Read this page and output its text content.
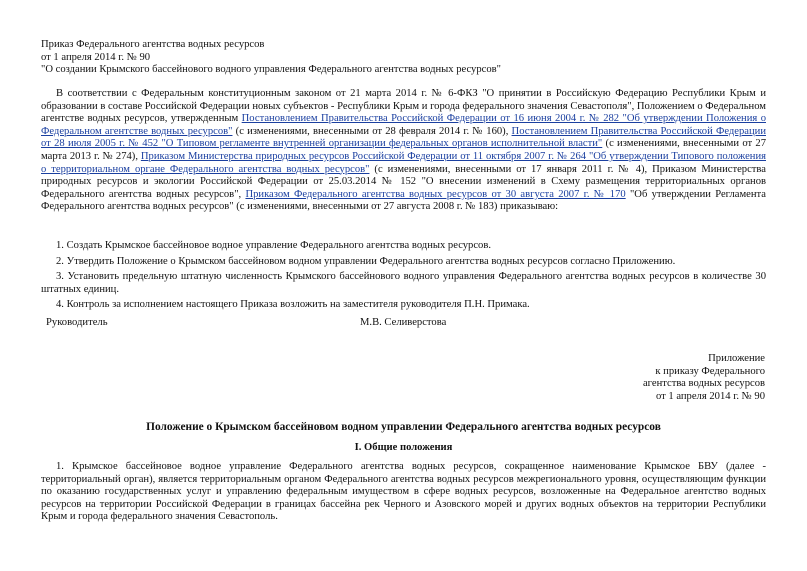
Приказ Федерального агентства водных ресурсов
от 1 апреля 2014 г. № 90
"О создании Крымского бассейнового водного управления Федерального агентства водных ресурсов"
В соответствии с Федеральным конституционным законом от 21 марта 2014 г. № 6-ФКЗ "О принятии в Российскую Федерацию Республики Крым и образовании в составе Российской Федерации новых субъектов - Республики Крым и города федерального значения Севастополя", Положением о Федеральном агентстве водных ресурсов, утвержденным Постановлением Правительства Российской Федерации от 16 июня 2004 г. № 282 "Об утверждении Положения о Федеральном агентстве водных ресурсов" (с изменениями, внесенными от 28 февраля 2014 г. № 160), Постановлением Правительства Российской Федерации от 28 июля 2005 г. № 452 "О Типовом регламенте внутренней организации федеральных органов исполнительной власти" (с изменениями, внесенными от 27 марта 2013 г. № 274), Приказом Министерства природных ресурсов Российской Федерации от 11 октября 2007 г. № 264 "Об утверждении Типового положения о территориальном органе Федерального агентства водных ресурсов" (с изменениями, внесенными от 17 января 2011 г. № 4), Приказом Министерства природных ресурсов и экологии Российской Федерации от 25.03.2014 № 152 "О внесении изменений в Схему размещения территориальных органов Федерального агентства водных ресурсов", Приказом Федерального агентства водных ресурсов от 30 августа 2007 г. № 170 "Об утверждении Регламента Федерального агентства водных ресурсов" (с изменениями, внесенными от 27 августа 2008 г. № 183) приказываю:

1. Создать Крымское бассейновое водное управление Федерального агентства водных ресурсов.

2. Утвердить Положение о Крымском бассейновом водном управлении Федерального агентства водных ресурсов согласно Приложению.

3. Установить предельную штатную численность Крымского бассейнового водного управления Федерального агентства водных ресурсов в количестве 30 штатных единиц.

4. Контроль за исполнением настоящего Приказа возложить на заместителя руководителя П.Н. Примака.

Руководитель	М.В. Селиверстова
Приложение
к приказу Федерального
агентства водных ресурсов
от 1 апреля 2014 г. № 90
Положение о Крымском бассейновом водном управлении Федерального агентства водных ресурсов
I. Общие положения
1. Крымское бассейновое водное управление Федерального агентства водных ресурсов, сокращенное наименование Крымское БВУ (далее - территориальный орган), является территориальным органом Федерального агентства водных ресурсов межрегионального уровня, осуществляющим функции по оказанию государственных услуг и управлению федеральным имуществом в сфере водных ресурсов, возложенные на Федеральное агентство водных ресурсов на территории Российской Федерации в границах бассейна рек Черного и Азовского морей и других водных объектов на территории Республики Крым и города федерального значения Севастополь.
